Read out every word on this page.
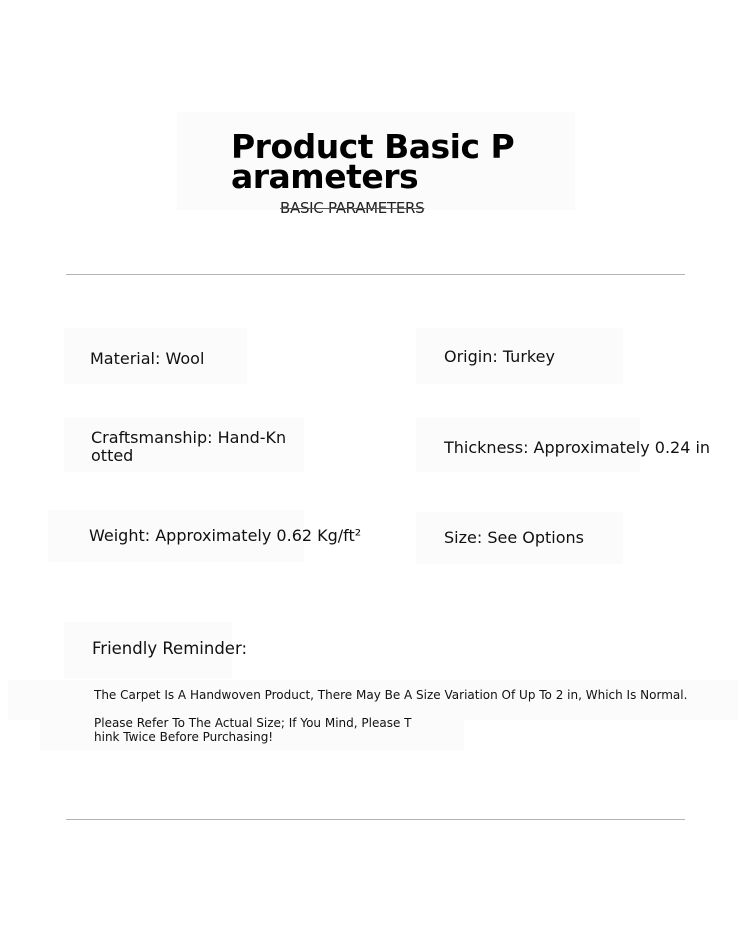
Product Basic Parameters
BASIC PARAMETERS
Material: Wool	Origin: Turkey
Craftsmanship: Hand-Knotted	Thickness: Approximately 0.24 in
Weight: Approximately 0.62 Kg/ft²	Size: See Options
Friendly Reminder:
The Carpet Is A Handwoven Product, There May Be A Size Variation Of Up To 2 in, Which Is Normal.
Please Refer To The Actual Size; If You Mind, Please Think Twice Before Purchasing!
